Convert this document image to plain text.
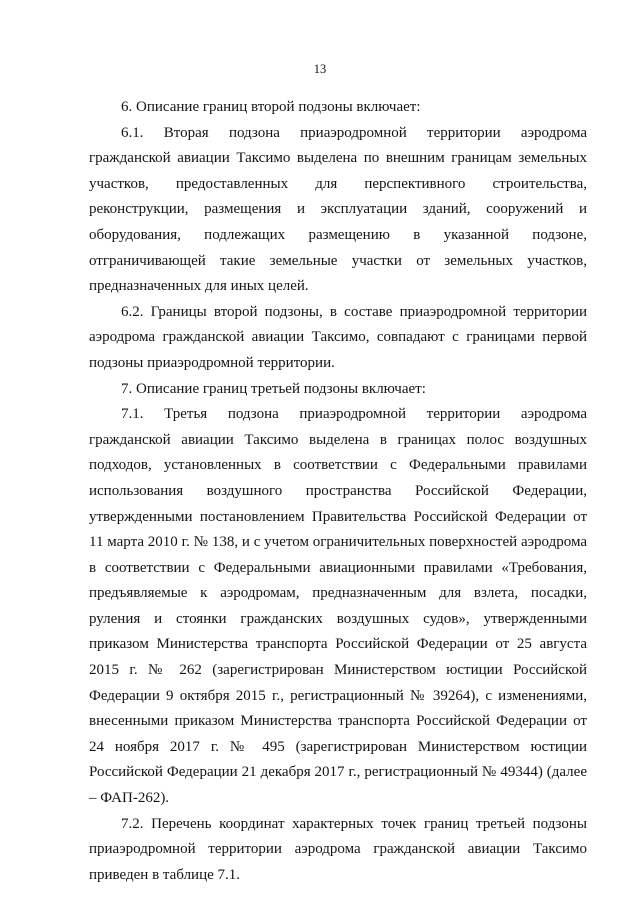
13

6. Описание границ второй подзоны включает:

6.1. Вторая подзона приаэродромной территории аэродрома гражданской авиации Таксимо выделена по внешним границам земельных участков, предоставленных для перспективного строительства, реконструкции, размещения и эксплуатации зданий, сооружений и оборудования, подлежащих размещению в указанной подзоне, отграничивающей такие земельные участки от земельных участков, предназначенных для иных целей.

6.2. Границы второй подзоны, в составе приаэродромной территории аэродрома гражданской авиации Таксимо, совпадают с границами первой подзоны приаэродромной территории.

7. Описание границ третьей подзоны включает:

7.1. Третья подзона приаэродромной территории аэродрома гражданской авиации Таксимо выделена в границах полос воздушных подходов, установленных в соответствии с Федеральными правилами использования воздушного пространства Российской Федерации, утвержденными постановлением Правительства Российской Федерации от 11 марта 2010 г. № 138, и с учетом ограничительных поверхностей аэродрома в соответствии с Федеральными авиационными правилами «Требования, предъявляемые к аэродромам, предназначенным для взлета, посадки, руления и стоянки гражданских воздушных судов», утвержденными приказом Министерства транспорта Российской Федерации от 25 августа 2015 г. № 262 (зарегистрирован Министерством юстиции Российской Федерации 9 октября 2015 г., регистрационный № 39264), с изменениями, внесенными приказом Министерства транспорта Российской Федерации от 24 ноября 2017 г. № 495 (зарегистрирован Министерством юстиции Российской Федерации 21 декабря 2017 г., регистрационный № 49344) (далее – ФАП-262).

7.2. Перечень координат характерных точек границ третьей подзоны приаэродромной территории аэродрома гражданской авиации Таксимо приведен в таблице 7.1.
